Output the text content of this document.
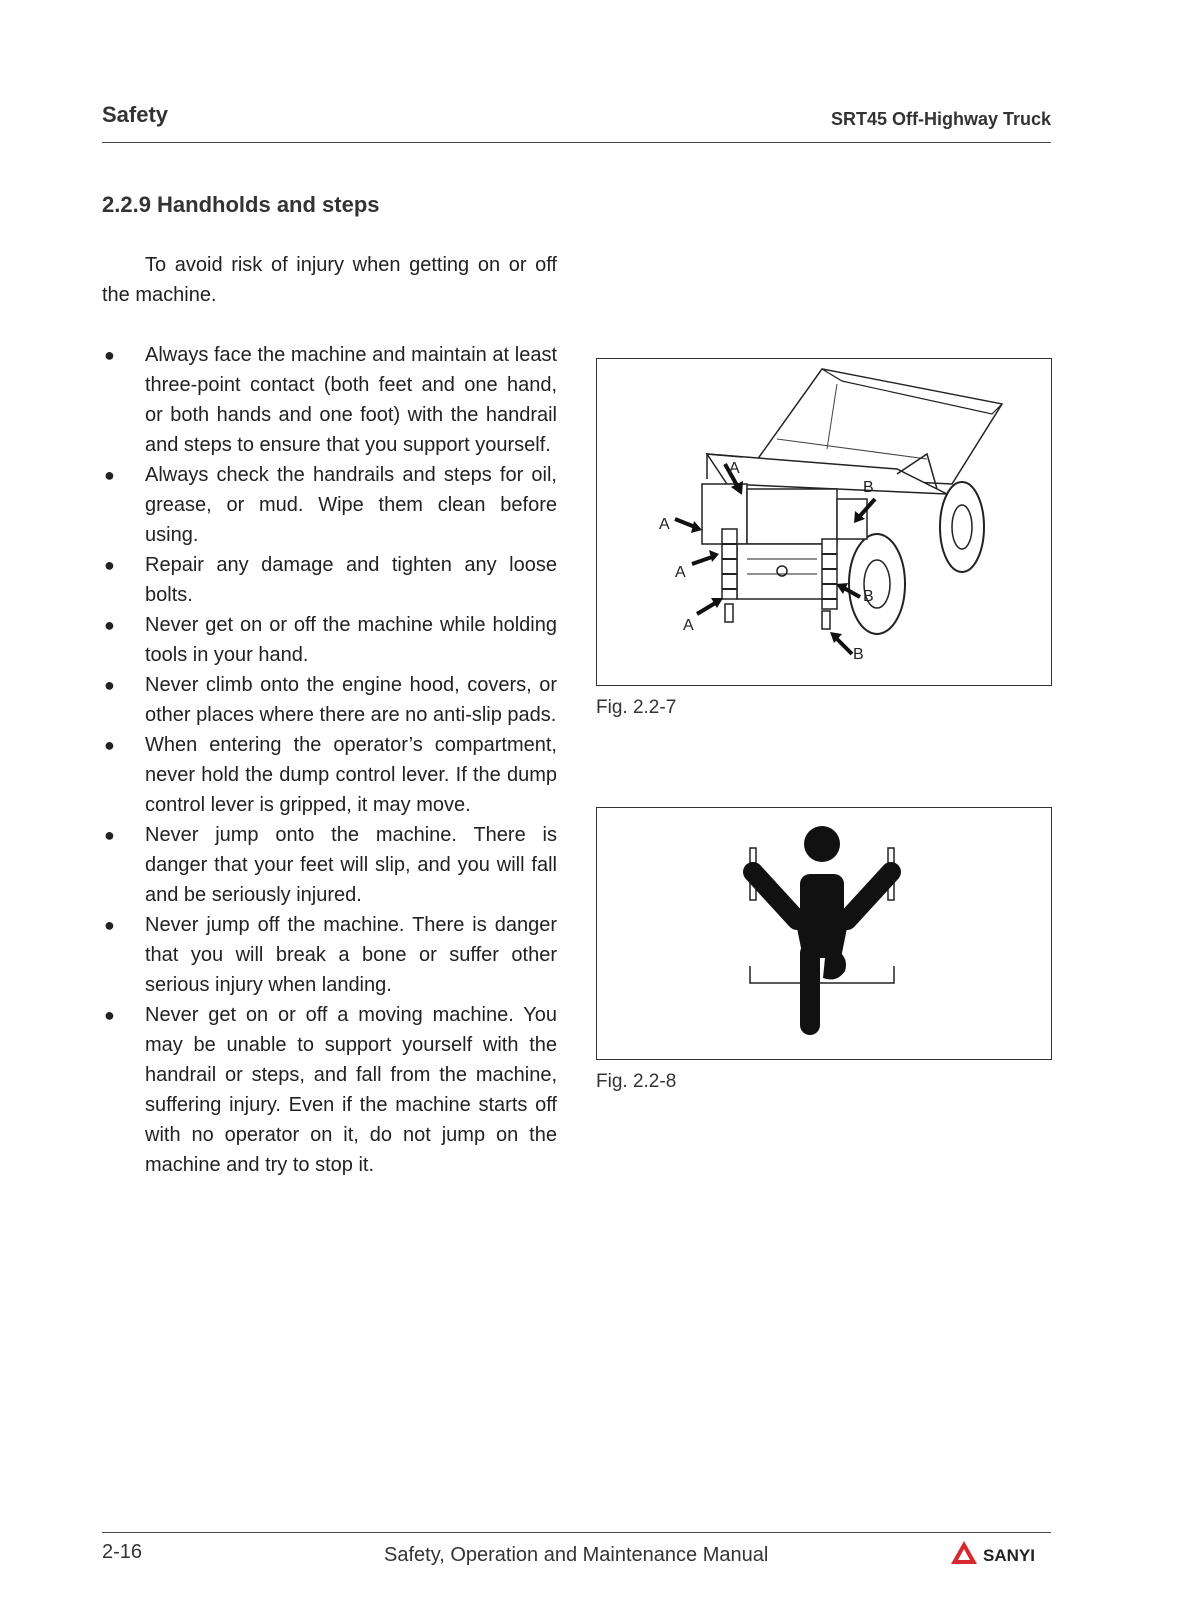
Safety	SRT45 Off-Highway Truck
2.2.9 Handholds and steps

To avoid risk of injury when getting on or off the machine.

● Always face the machine and maintain at least three-point contact (both feet and one hand, or both hands and one foot) with the handrail and steps to ensure that you support yourself.
● Always check the handrails and steps for oil, grease, or mud. Wipe them clean before using.
● Repair any damage and tighten any loose bolts.
● Never get on or off the machine while holding tools in your hand.
● Never climb onto the engine hood, covers, or other places where there are no anti-slip pads.
● When entering the operator’s compartment, never hold the dump control lever. If the dump control lever is gripped, it may move.
● Never jump onto the machine. There is danger that your feet will slip, and you will fall and be seriously injured.
● Never jump off the machine. There is danger that you will break a bone or suffer other serious injury when landing.
● Never get on or off a moving machine. You may be unable to support yourself with the handrail or steps, and fall from the machine, suffering injury. Even if the machine starts off with no operator on it, do not jump on the machine and try to stop it.
A
A
A
A
B
B
B
Fig. 2.2-7
Fig. 2.2-8
2-16	Safety, Operation and Maintenance Manual	SANYI
